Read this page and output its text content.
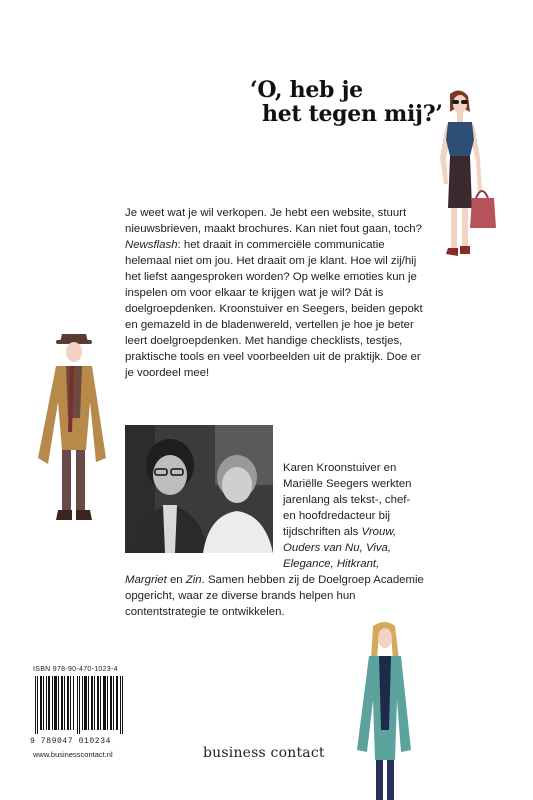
‘O, heb je
het tegen mij?’

Je weet wat je wil verkopen. Je hebt een website, stuurt nieuwsbrieven, maakt brochures. Kan niet fout gaan, toch? Newsflash: het draait in commerciële communicatie helemaal niet om jou. Het draait om je klant. Hoe wil zij/hij het liefst aangesproken worden? Op welke emoties kun je inspelen om voor elkaar te krijgen wat je wil? Dát is doelgroepdenken. Kroonstuiver en Seegers, beiden gepokt en gemazeld in de bladenwereld, vertellen je hoe je beter leert doelgroepdenken. Met handige checklists, testjes, praktische tools en veel voorbeelden uit de praktijk. Doe er je voordeel mee!

Karen Kroonstuiver en Mariëlle Seegers werkten jarenlang als tekst-, chef- en hoofdredacteur bij tijdschriften als Vrouw, Ouders van Nu, Viva, Elegance, Hitkrant,
Margriet en Zin. Samen hebben zij de Doelgroep Academie opgericht, waar ze diverse brands helpen hun contentstrategie te ontwikkelen.
ISBN 978-90-470-1023-4
9 789047 010234
www.businesscontact.nl	business contact
